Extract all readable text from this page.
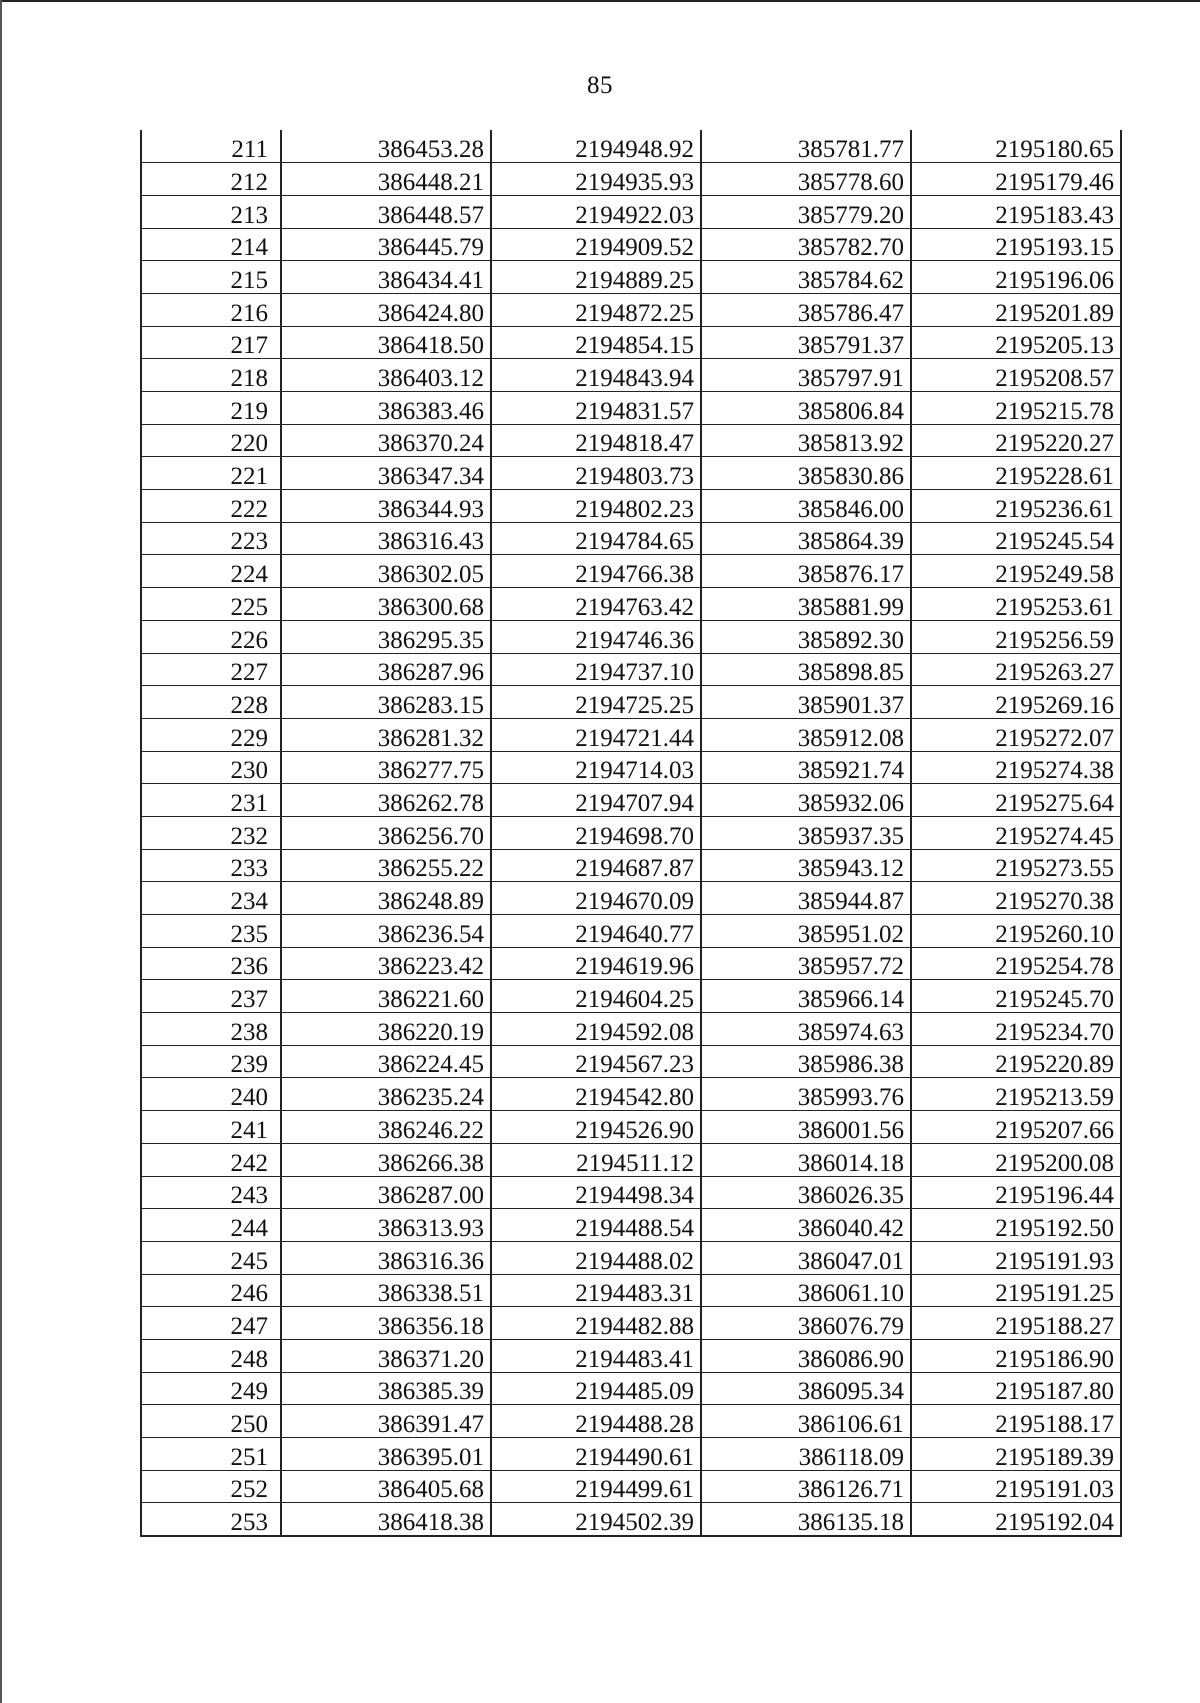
85
211	386453.28	2194948.92	385781.77	2195180.65
212	386448.21	2194935.93	385778.60	2195179.46
213	386448.57	2194922.03	385779.20	2195183.43
214	386445.79	2194909.52	385782.70	2195193.15
215	386434.41	2194889.25	385784.62	2195196.06
216	386424.80	2194872.25	385786.47	2195201.89
217	386418.50	2194854.15	385791.37	2195205.13
218	386403.12	2194843.94	385797.91	2195208.57
219	386383.46	2194831.57	385806.84	2195215.78
220	386370.24	2194818.47	385813.92	2195220.27
221	386347.34	2194803.73	385830.86	2195228.61
222	386344.93	2194802.23	385846.00	2195236.61
223	386316.43	2194784.65	385864.39	2195245.54
224	386302.05	2194766.38	385876.17	2195249.58
225	386300.68	2194763.42	385881.99	2195253.61
226	386295.35	2194746.36	385892.30	2195256.59
227	386287.96	2194737.10	385898.85	2195263.27
228	386283.15	2194725.25	385901.37	2195269.16
229	386281.32	2194721.44	385912.08	2195272.07
230	386277.75	2194714.03	385921.74	2195274.38
231	386262.78	2194707.94	385932.06	2195275.64
232	386256.70	2194698.70	385937.35	2195274.45
233	386255.22	2194687.87	385943.12	2195273.55
234	386248.89	2194670.09	385944.87	2195270.38
235	386236.54	2194640.77	385951.02	2195260.10
236	386223.42	2194619.96	385957.72	2195254.78
237	386221.60	2194604.25	385966.14	2195245.70
238	386220.19	2194592.08	385974.63	2195234.70
239	386224.45	2194567.23	385986.38	2195220.89
240	386235.24	2194542.80	385993.76	2195213.59
241	386246.22	2194526.90	386001.56	2195207.66
242	386266.38	2194511.12	386014.18	2195200.08
243	386287.00	2194498.34	386026.35	2195196.44
244	386313.93	2194488.54	386040.42	2195192.50
245	386316.36	2194488.02	386047.01	2195191.93
246	386338.51	2194483.31	386061.10	2195191.25
247	386356.18	2194482.88	386076.79	2195188.27
248	386371.20	2194483.41	386086.90	2195186.90
249	386385.39	2194485.09	386095.34	2195187.80
250	386391.47	2194488.28	386106.61	2195188.17
251	386395.01	2194490.61	386118.09	2195189.39
252	386405.68	2194499.61	386126.71	2195191.03
253	386418.38	2194502.39	386135.18	2195192.04
